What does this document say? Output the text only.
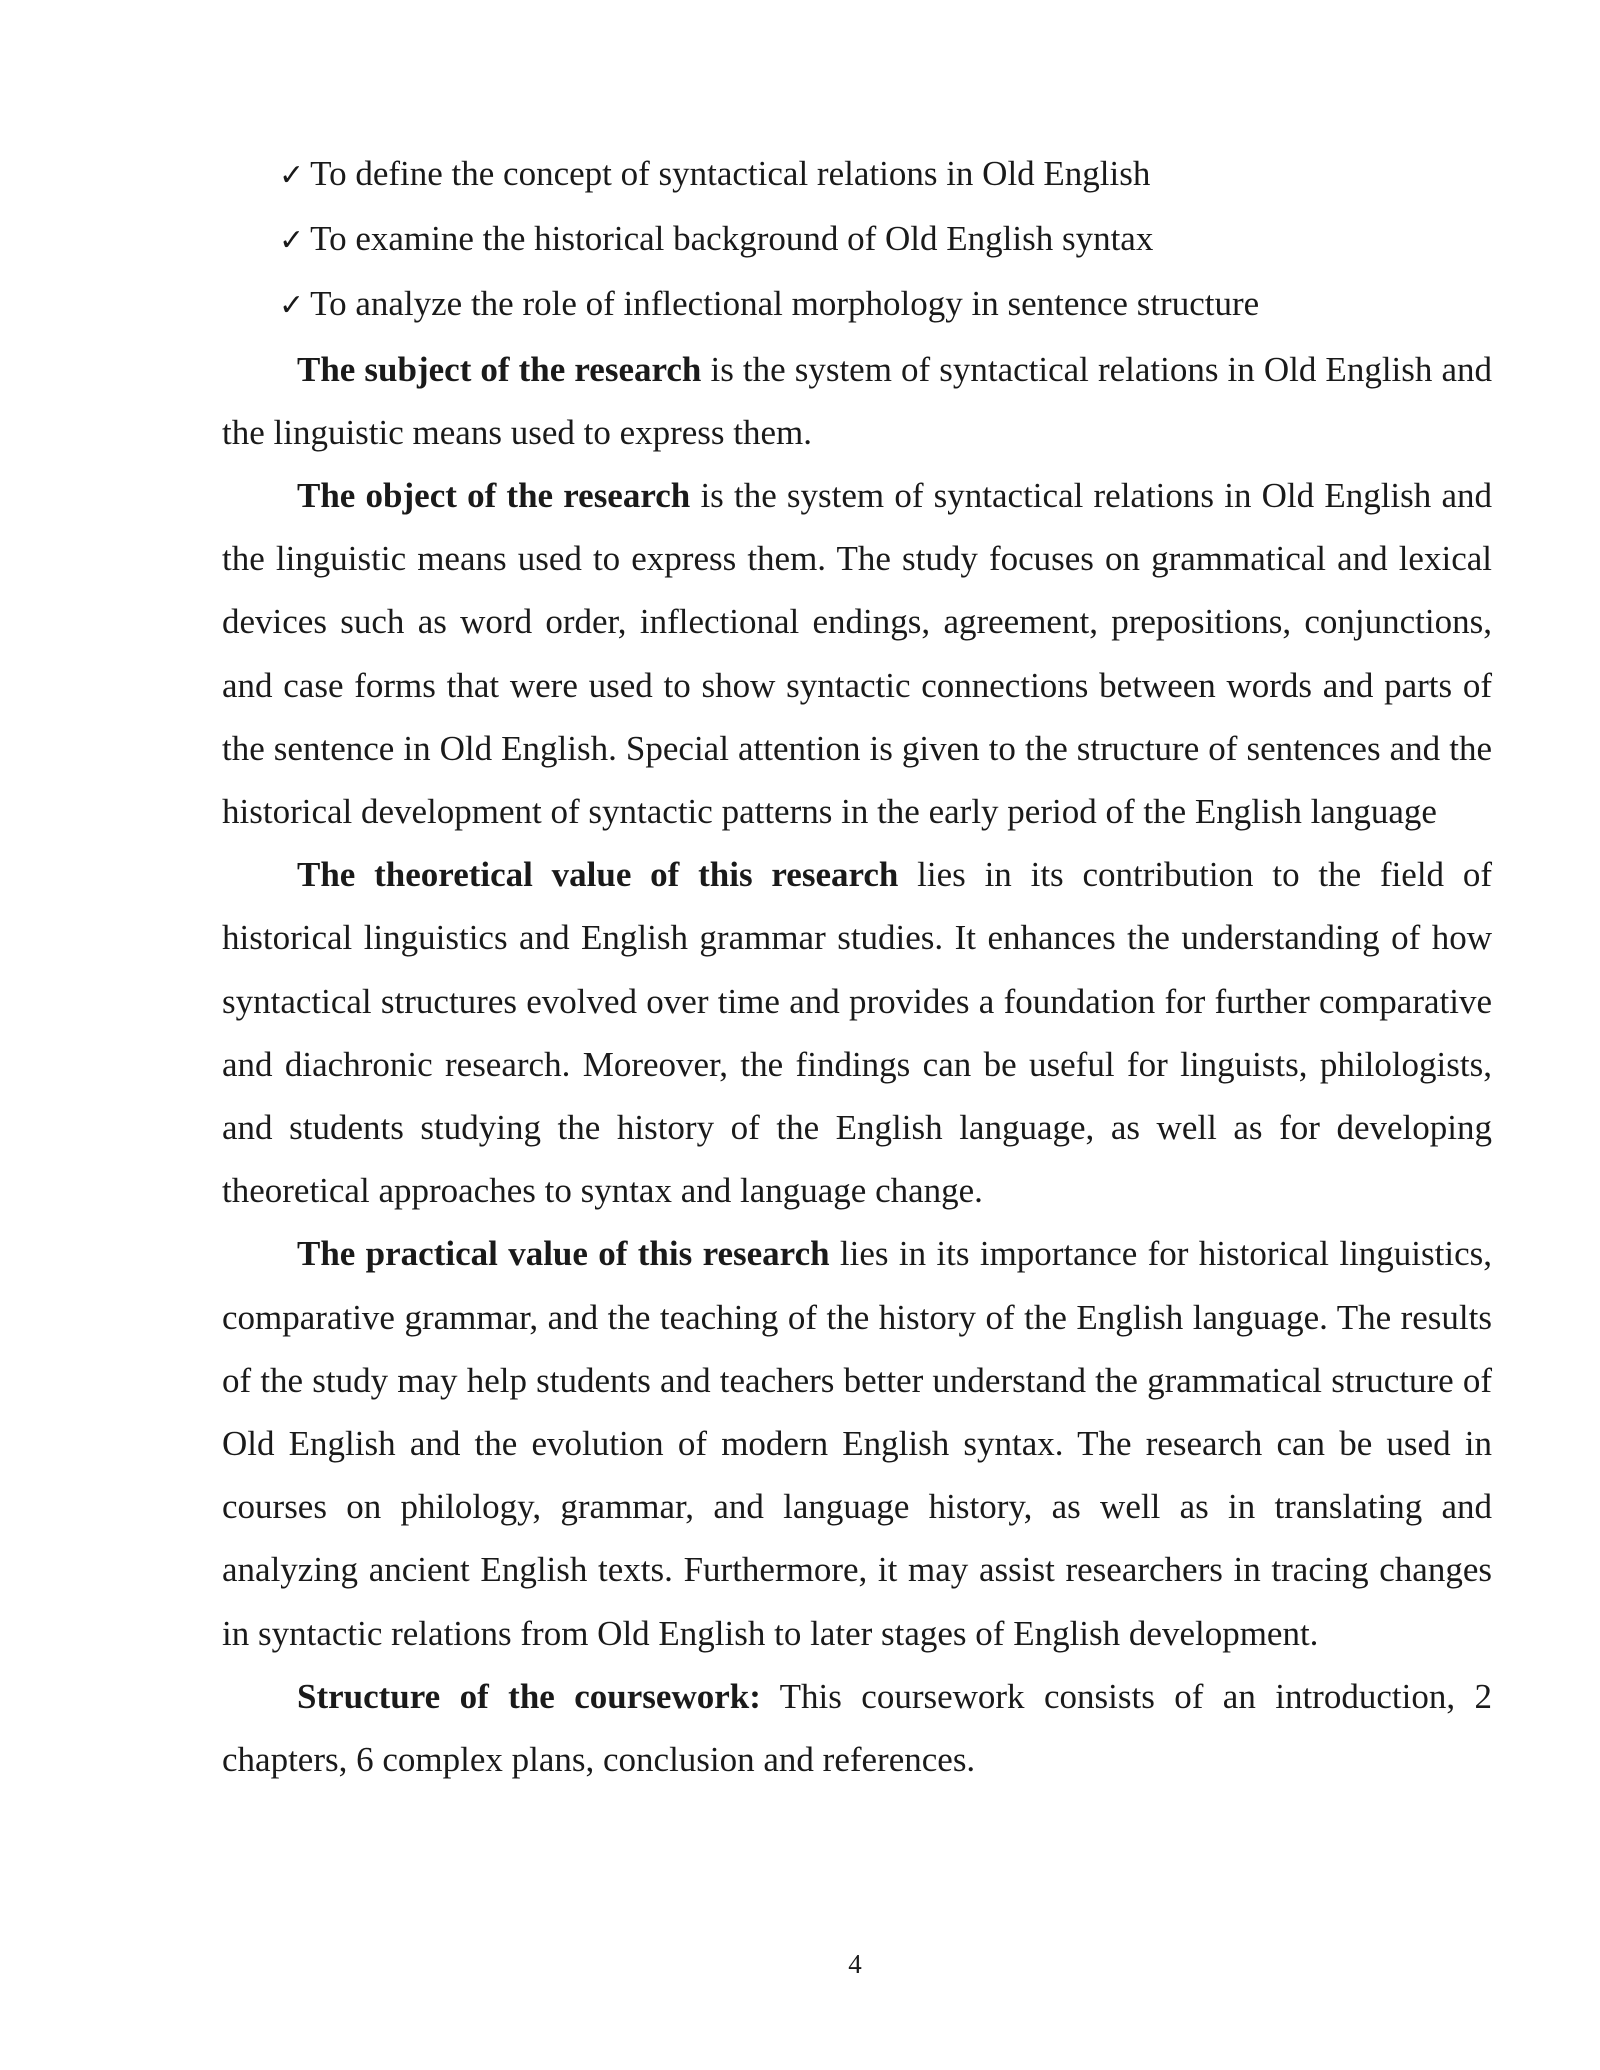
✓ To define the concept of syntactical relations in Old English
✓ To examine the historical background of Old English syntax
✓ To analyze the role of inflectional morphology in sentence structure

The subject of the research is the system of syntactical relations in Old English and the linguistic means used to express them.

The object of the research is the system of syntactical relations in Old English and the linguistic means used to express them. The study focuses on grammatical and lexical devices such as word order, inflectional endings, agreement, prepositions, conjunctions, and case forms that were used to show syntactic connections between words and parts of the sentence in Old English. Special attention is given to the structure of sentences and the historical development of syntactic patterns in the early period of the English language

The theoretical value of this research lies in its contribution to the field of historical linguistics and English grammar studies. It enhances the understanding of how syntactical structures evolved over time and provides a foundation for further comparative and diachronic research. Moreover, the findings can be useful for linguists, philologists, and students studying the history of the English language, as well as for developing theoretical approaches to syntax and language change.

The practical value of this research lies in its importance for historical linguistics, comparative grammar, and the teaching of the history of the English language. The results of the study may help students and teachers better understand the grammatical structure of Old English and the evolution of modern English syntax. The research can be used in courses on philology, grammar, and language history, as well as in translating and analyzing ancient English texts. Furthermore, it may assist researchers in tracing changes in syntactic relations from Old English to later stages of English development.

Structure of the coursework: This coursework consists of an introduction, 2 chapters, 6 complex plans, conclusion and references.

4
